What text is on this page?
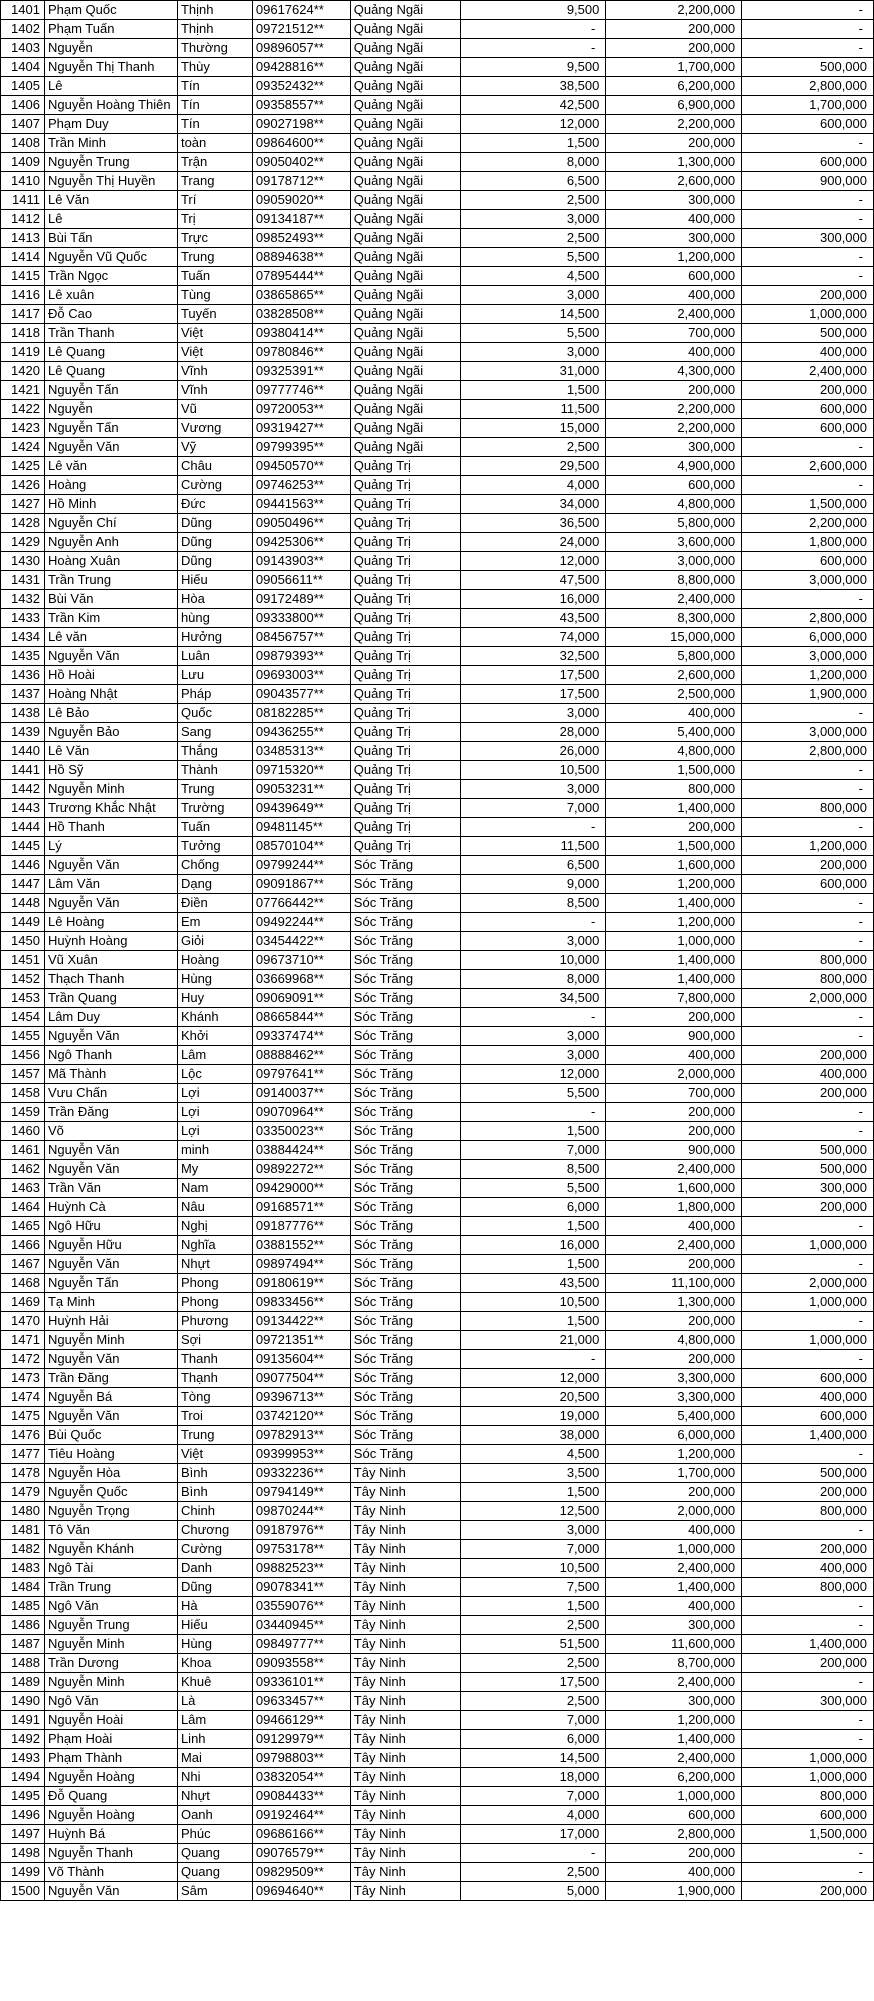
1401	Phạm Quốc	Thịnh	09617624**	Quảng Ngãi	9,500	2,200,000	-
1402	Phạm Tuấn	Thịnh	09721512**	Quảng Ngãi	-	200,000	-
1403	Nguyễn	Thường	09896057**	Quảng Ngãi	-	200,000	-
1404	Nguyễn Thị Thanh	Thùy	09428816**	Quảng Ngãi	9,500	1,700,000	500,000
1405	Lê	Tín	09352432**	Quảng Ngãi	38,500	6,200,000	2,800,000
1406	Nguyễn Hoàng Thiên	Tín	09358557**	Quảng Ngãi	42,500	6,900,000	1,700,000
1407	Phạm Duy	Tín	09027198**	Quảng Ngãi	12,000	2,200,000	600,000
1408	Trần Minh	toàn	09864600**	Quảng Ngãi	1,500	200,000	-
1409	Nguyễn Trung	Trận	09050402**	Quảng Ngãi	8,000	1,300,000	600,000
1410	Nguyễn Thị Huyền	Trang	09178712**	Quảng Ngãi	6,500	2,600,000	900,000
1411	Lê Văn	Trí	09059020**	Quảng Ngãi	2,500	300,000	-
1412	Lê	Trị	09134187**	Quảng Ngãi	3,000	400,000	-
1413	Bùi Tấn	Trực	09852493**	Quảng Ngãi	2,500	300,000	300,000
1414	Nguyễn Vũ Quốc	Trung	08894638**	Quảng Ngãi	5,500	1,200,000	-
1415	Trần Ngọc	Tuấn	07895444**	Quảng Ngãi	4,500	600,000	-
1416	Lê xuân	Tùng	03865865**	Quảng Ngãi	3,000	400,000	200,000
1417	Đỗ Cao	Tuyến	03828508**	Quảng Ngãi	14,500	2,400,000	1,000,000
1418	Trần Thanh	Việt	09380414**	Quảng Ngãi	5,500	700,000	500,000
1419	Lê Quang	Việt	09780846**	Quảng Ngãi	3,000	400,000	400,000
1420	Lê Quang	Vĩnh	09325391**	Quảng Ngãi	31,000	4,300,000	2,400,000
1421	Nguyễn Tấn	Vĩnh	09777746**	Quảng Ngãi	1,500	200,000	200,000
1422	Nguyễn	Vũ	09720053**	Quảng Ngãi	11,500	2,200,000	600,000
1423	Nguyễn Tấn	Vương	09319427**	Quảng Ngãi	15,000	2,200,000	600,000
1424	Nguyễn Văn	Vỹ	09799395**	Quảng Ngãi	2,500	300,000	-
1425	Lê văn	Châu	09450570**	Quảng Trị	29,500	4,900,000	2,600,000
1426	Hoàng	Cường	09746253**	Quảng Trị	4,000	600,000	-
1427	Hồ Minh	Đức	09441563**	Quảng Trị	34,000	4,800,000	1,500,000
1428	Nguyễn Chí	Dũng	09050496**	Quảng Trị	36,500	5,800,000	2,200,000
1429	Nguyễn Anh	Dũng	09425306**	Quảng Trị	24,000	3,600,000	1,800,000
1430	Hoàng Xuân	Dũng	09143903**	Quảng Trị	12,000	3,000,000	600,000
1431	Trần Trung	Hiếu	09056611**	Quảng Trị	47,500	8,800,000	3,000,000
1432	Bùi Văn	Hòa	09172489**	Quảng Trị	16,000	2,400,000	-
1433	Trần Kim	hùng	09333800**	Quảng Trị	43,500	8,300,000	2,800,000
1434	Lê văn	Hưởng	08456757**	Quảng Trị	74,000	15,000,000	6,000,000
1435	Nguyễn Văn	Luân	09879393**	Quảng Trị	32,500	5,800,000	3,000,000
1436	Hồ Hoài	Lưu	09693003**	Quảng Trị	17,500	2,600,000	1,200,000
1437	Hoàng Nhật	Pháp	09043577**	Quảng Trị	17,500	2,500,000	1,900,000
1438	Lê Bảo	Quốc	08182285**	Quảng Trị	3,000	400,000	-
1439	Nguyễn Bảo	Sang	09436255**	Quảng Trị	28,000	5,400,000	3,000,000
1440	Lê Văn	Thắng	03485313**	Quảng Trị	26,000	4,800,000	2,800,000
1441	Hồ Sỹ	Thành	09715320**	Quảng Trị	10,500	1,500,000	-
1442	Nguyễn Minh	Trung	09053231**	Quảng Trị	3,000	800,000	-
1443	Trương Khắc Nhật	Trường	09439649**	Quảng Trị	7,000	1,400,000	800,000
1444	Hồ Thanh	Tuấn	09481145**	Quảng Trị	-	200,000	-
1445	Lý	Tưởng	08570104**	Quảng Trị	11,500	1,500,000	1,200,000
1446	Nguyễn Văn	Chống	09799244**	Sóc Trăng	6,500	1,600,000	200,000
1447	Lâm Văn	Dạng	09091867**	Sóc Trăng	9,000	1,200,000	600,000
1448	Nguyễn Văn	Điền	07766442**	Sóc Trăng	8,500	1,400,000	-
1449	Lê Hoàng	Em	09492244**	Sóc Trăng	-	1,200,000	-
1450	Huỳnh Hoàng	Giỏi	03454422**	Sóc Trăng	3,000	1,000,000	-
1451	Vũ Xuân	Hoàng	09673710**	Sóc Trăng	10,000	1,400,000	800,000
1452	Thạch Thanh	Hùng	03669968**	Sóc Trăng	8,000	1,400,000	800,000
1453	Trần Quang	Huy	09069091**	Sóc Trăng	34,500	7,800,000	2,000,000
1454	Lâm Duy	Khánh	08665844**	Sóc Trăng	-	200,000	-
1455	Nguyễn Văn	Khởi	09337474**	Sóc Trăng	3,000	900,000	-
1456	Ngô Thanh	Lâm	08888462**	Sóc Trăng	3,000	400,000	200,000
1457	Mã Thành	Lộc	09797641**	Sóc Trăng	12,000	2,000,000	400,000
1458	Vưu Chấn	Lợi	09140037**	Sóc Trăng	5,500	700,000	200,000
1459	Trần Đăng	Lợi	09070964**	Sóc Trăng	-	200,000	-
1460	Võ	Lợi	03350023**	Sóc Trăng	1,500	200,000	-
1461	Nguyễn Văn	minh	03884424**	Sóc Trăng	7,000	900,000	500,000
1462	Nguyễn Văn	My	09892272**	Sóc Trăng	8,500	2,400,000	500,000
1463	Trần Văn	Nam	09429000**	Sóc Trăng	5,500	1,600,000	300,000
1464	Huỳnh Cà	Nâu	09168571**	Sóc Trăng	6,000	1,800,000	200,000
1465	Ngô Hữu	Nghị	09187776**	Sóc Trăng	1,500	400,000	-
1466	Nguyễn Hữu	Nghĩa	03881552**	Sóc Trăng	16,000	2,400,000	1,000,000
1467	Nguyễn Văn	Nhựt	09897494**	Sóc Trăng	1,500	200,000	-
1468	Nguyễn Tấn	Phong	09180619**	Sóc Trăng	43,500	11,100,000	2,000,000
1469	Tạ Minh	Phong	09833456**	Sóc Trăng	10,500	1,300,000	1,000,000
1470	Huỳnh Hải	Phương	09134422**	Sóc Trăng	1,500	200,000	-
1471	Nguyễn Minh	Sợi	09721351**	Sóc Trăng	21,000	4,800,000	1,000,000
1472	Nguyễn Văn	Thanh	09135604**	Sóc Trăng	-	200,000	-
1473	Trần Đăng	Thạnh	09077504**	Sóc Trăng	12,000	3,300,000	600,000
1474	Nguyễn Bá	Tòng	09396713**	Sóc Trăng	20,500	3,300,000	400,000
1475	Nguyễn Văn	Troi	03742120**	Sóc Trăng	19,000	5,400,000	600,000
1476	Bùi Quốc	Trung	09782913**	Sóc Trăng	38,000	6,000,000	1,400,000
1477	Tiêu Hoàng	Việt	09399953**	Sóc Trăng	4,500	1,200,000	-
1478	Nguyễn Hòa	Bình	09332236**	Tây Ninh	3,500	1,700,000	500,000
1479	Nguyễn Quốc	Bình	09794149**	Tây Ninh	1,500	200,000	200,000
1480	Nguyễn Trọng	Chinh	09870244**	Tây Ninh	12,500	2,000,000	800,000
1481	Tô Văn	Chương	09187976**	Tây Ninh	3,000	400,000	-
1482	Nguyễn Khánh	Cường	09753178**	Tây Ninh	7,000	1,000,000	200,000
1483	Ngô Tài	Danh	09882523**	Tây Ninh	10,500	2,400,000	400,000
1484	Trần Trung	Dũng	09078341**	Tây Ninh	7,500	1,400,000	800,000
1485	Ngô Văn	Hà	03559076**	Tây Ninh	1,500	400,000	-
1486	Nguyễn Trung	Hiếu	03440945**	Tây Ninh	2,500	300,000	-
1487	Nguyễn Minh	Hùng	09849777**	Tây Ninh	51,500	11,600,000	1,400,000
1488	Trần Dương	Khoa	09093558**	Tây Ninh	2,500	8,700,000	200,000
1489	Nguyễn Minh	Khuê	09336101**	Tây Ninh	17,500	2,400,000	-
1490	Ngô Văn	Là	09633457**	Tây Ninh	2,500	300,000	300,000
1491	Nguyễn Hoài	Lâm	09466129**	Tây Ninh	7,000	1,200,000	-
1492	Phạm Hoài	Linh	09129979**	Tây Ninh	6,000	1,400,000	-
1493	Phạm Thành	Mai	09798803**	Tây Ninh	14,500	2,400,000	1,000,000
1494	Nguyễn Hoàng	Nhi	03832054**	Tây Ninh	18,000	6,200,000	1,000,000
1495	Đỗ Quang	Nhựt	09084433**	Tây Ninh	7,000	1,000,000	800,000
1496	Nguyễn Hoàng	Oanh	09192464**	Tây Ninh	4,000	600,000	600,000
1497	Huỳnh Bá	Phúc	09686166**	Tây Ninh	17,000	2,800,000	1,500,000
1498	Nguyễn Thanh	Quang	09076579**	Tây Ninh	-	200,000	-
1499	Võ Thành	Quang	09829509**	Tây Ninh	2,500	400,000	-
1500	Nguyễn Văn	Sâm	09694640**	Tây Ninh	5,000	1,900,000	200,000
